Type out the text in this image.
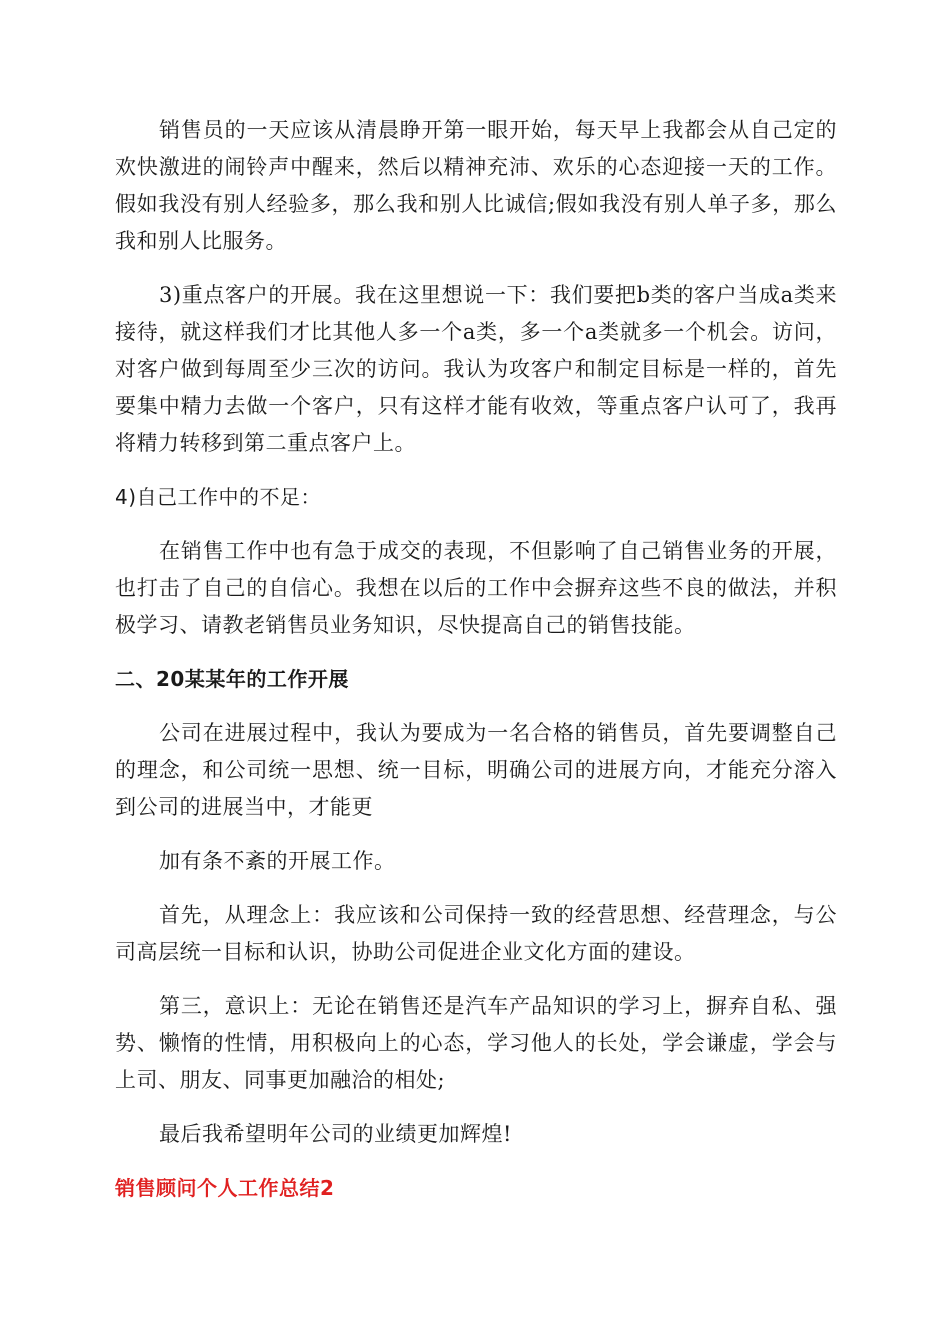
销售员的一天应该从清晨睁开第一眼开始，每天早上我都会从自己定的欢快激进的闹铃声中醒来，然后以精神充沛、欢乐的心态迎接一天的工作。假如我没有别人经验多，那么我和别人比诚信;假如我没有别人单子多，那么我和别人比服务。

3)重点客户的开展。我在这里想说一下：我们要把b类的客户当成a类来接待，就这样我们才比其他人多一个a类，多一个a类就多一个机会。访问，对客户做到每周至少三次的访问。我认为攻客户和制定目标是一样的，首先要集中精力去做一个客户，只有这样才能有收效，等重点客户认可了，我再将精力转移到第二重点客户上。

4)自己工作中的不足：

在销售工作中也有急于成交的表现，不但影响了自己销售业务的开展，也打击了自己的自信心。我想在以后的工作中会摒弃这些不良的做法，并积极学习、请教老销售员业务知识，尽快提高自己的销售技能。

二、20某某年的工作开展

公司在进展过程中，我认为要成为一名合格的销售员，首先要调整自己的理念，和公司统一思想、统一目标，明确公司的进展方向，才能充分溶入到公司的进展当中，才能更

加有条不紊的开展工作。

首先，从理念上：我应该和公司保持一致的经营思想、经营理念，与公司高层统一目标和认识，协助公司促进企业文化方面的建设。

第三，意识上：无论在销售还是汽车产品知识的学习上，摒弃自私、强势、懒惰的性情，用积极向上的心态，学习他人的长处，学会谦虚，学会与上司、朋友、同事更加融洽的相处;

最后我希望明年公司的业绩更加辉煌!

销售顾问个人工作总结2
